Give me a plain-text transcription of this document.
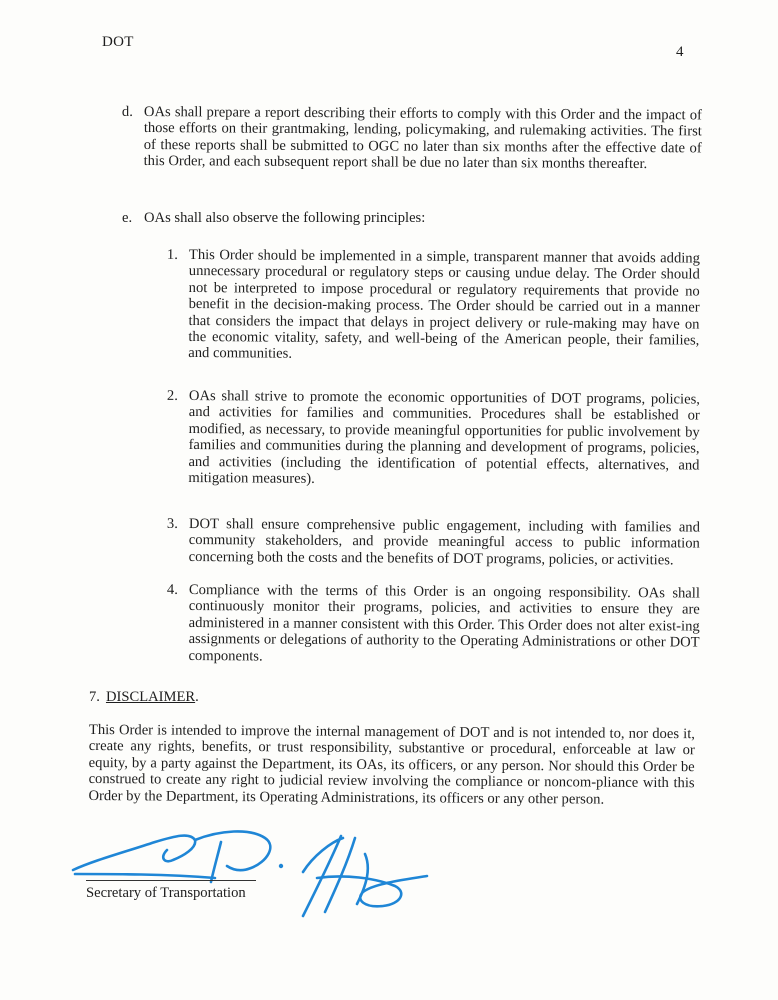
DOT
4
d. OAs shall prepare a report describing their efforts to comply with this Order and the impact of those efforts on their grantmaking, lending, policymaking, and rulemaking activities. The first of these reports shall be submitted to OGC no later than six months after the effective date of this Order, and each subsequent report shall be due no later than six months thereafter.
e. OAs shall also observe the following principles:
1. This Order should be implemented in a simple, transparent manner that avoids adding unnecessary procedural or regulatory steps or causing undue delay. The Order should not be interpreted to impose procedural or regulatory requirements that provide no benefit in the decision-making process. The Order should be carried out in a manner that considers the impact that delays in project delivery or rule-making may have on the economic vitality, safety, and well-being of the American people, their families, and communities.
2. OAs shall strive to promote the economic opportunities of DOT programs, policies, and activities for families and communities. Procedures shall be established or modified, as necessary, to provide meaningful opportunities for public involvement by families and communities during the planning and development of programs, policies, and activities (including the identification of potential effects, alternatives, and mitigation measures).
3. DOT shall ensure comprehensive public engagement, including with families and community stakeholders, and provide meaningful access to public information concerning both the costs and the benefits of DOT programs, policies, or activities.
4. Compliance with the terms of this Order is an ongoing responsibility. OAs shall continuously monitor their programs, policies, and activities to ensure they are administered in a manner consistent with this Order. This Order does not alter exist-ing assignments or delegations of authority to the Operating Administrations or other DOT components.
7. DISCLAIMER.
This Order is intended to improve the internal management of DOT and is not intended to, nor does it, create any rights, benefits, or trust responsibility, substantive or procedural, enforceable at law or equity, by a party against the Department, its OAs, its officers, or any person. Nor should this Order be construed to create any right to judicial review involving the compliance or noncom-pliance with this Order by the Department, its Operating Administrations, its officers or any other person.
Secretary of Transportation
